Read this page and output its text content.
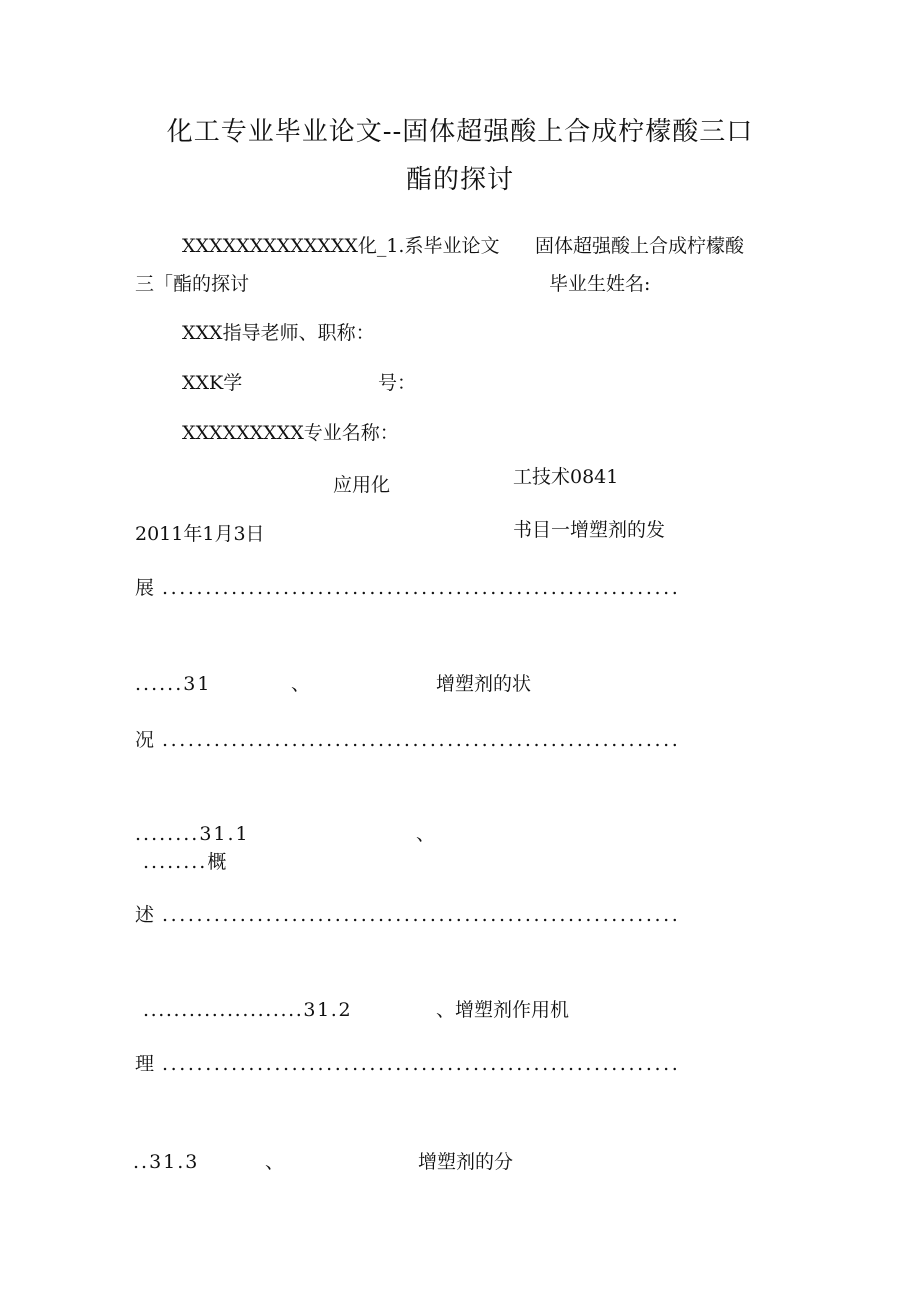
化工专业毕业论文--固体超强酸上合成柠檬酸三口
酯的探讨
XXXXXXXXXXXXX化_1.系毕业论文 固体超强酸上合成柠檬酸
三「酯的探讨	毕业生姓名:
XXX指导老师、职称：
XXK学	号：
XXXXXXXXX专业名称：
应用化	工技术0841
2011年1月3日	书目一增塑剂的发
展 ............................................................
......31	、	增塑剂的状
况 ............................................................
........31.1	、
........概
述 ............................................................
.....................31.2	、增塑剂作用机
理 ............................................................
..31.3	、	增塑剂的分
